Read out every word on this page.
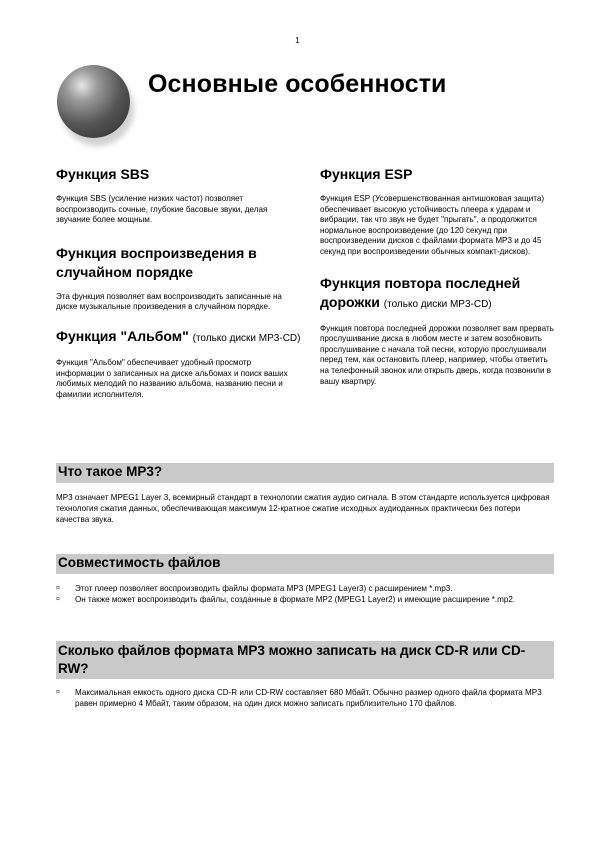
1
Основные особенности
Функция SBS

Функция SBS (усиление низких частот) позволяет воспроизводить сочные, глубокие басовые звуки, делая звучание более мощным.

Функция воспроизведения в случайном порядке

Эта функция позволяет вам воспроизводить записанные на диске музыкальные произведения в случайном порядке.

Функция "Альбом" (только диски MP3-CD)

Функция "Альбом" обеспечивает удобный просмотр информации о записанных на диске альбомах и поиск ваших любимых мелодий по названию альбома, названию песни и фамилии исполнителя.

Функция ESP

Функция ESP (Усовершенствованная антишоковая защита) обеспечивает высокую устойчивость плеера к ударам и вибрации, так что звук не будет "прыгать", а продолжится нормальное воспроизведение (до 120 секунд при воспроизведении дисков с файлами формата MP3 и до 45 секунд при воспроизведении обычных компакт-дисков).

Функция повтора последней дорожки (только диски MP3-CD)

Функция повтора последней дорожки позволяет вам прервать прослушивание диска в любом месте и затем возобновить прослушивание с начала той песни, которую прослушивали перед тем, как остановить плеер, например, чтобы ответить на телефонный звонок или открыть дверь, когда позвонили в вашу квартиру.

Что такое MP3?
MP3 означает MPEG1 Layer 3, всемирный стандарт в технологии сжатия аудио сигнала. В этом стандарте используется цифровая технология сжатия данных, обеспечивающая максимум 12-кратное сжатие исходных аудиоданных практически без потери качества звука.
Совместимость файлов
¤ Этот плеер позволяет воспроизводить файлы формата MP3 (MPEG1 Layer3) с расширением *.mp3.
¤ Он также может воспроизводить файлы, созданные в формате MP2 (MPEG1 Layer2) и имеющие расширение *.mp2.
Сколько файлов формата MP3 можно записать на диск CD-R или CD-RW?
¤ Максимальная емкость одного диска CD-R или CD-RW составляет 680 Мбайт. Обычно размер одного файла формата MP3 равен примерно 4 Мбайт, таким образом, на один диск можно записать приблизительно 170 файлов.
